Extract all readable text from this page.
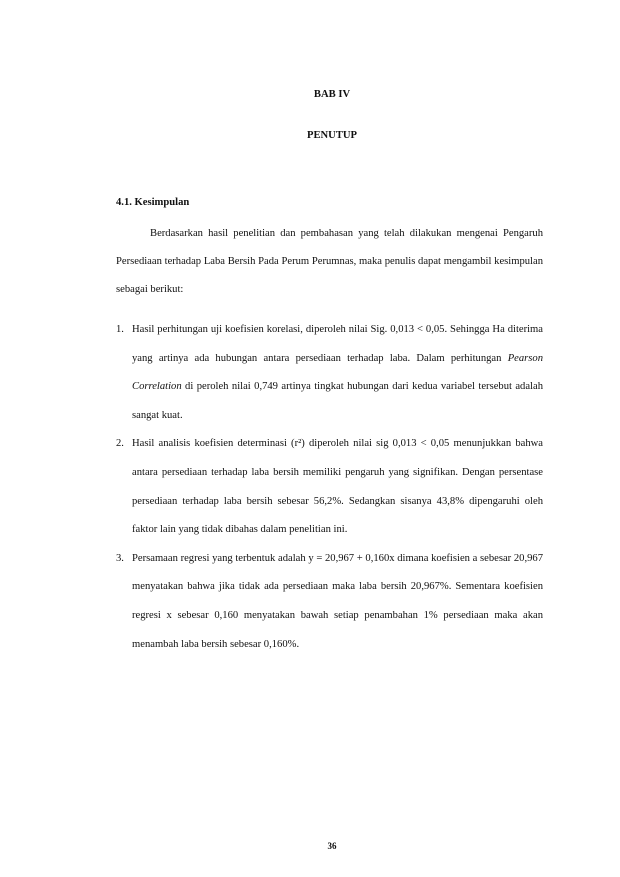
BAB IV

PENUTUP

4.1. Kesimpulan

Berdasarkan hasil penelitian dan pembahasan yang telah dilakukan mengenai Pengaruh Persediaan terhadap Laba Bersih Pada Perum Perumnas, maka penulis dapat mengambil kesimpulan sebagai berikut:

1. Hasil perhitungan uji koefisien korelasi, diperoleh nilai Sig. 0,013 < 0,05. Sehingga Ha diterima yang artinya ada hubungan antara persediaan terhadap laba. Dalam perhitungan Pearson Correlation di peroleh nilai 0,749 artinya tingkat hubungan dari kedua variabel tersebut adalah sangat kuat.
2. Hasil analisis koefisien determinasi (r²) diperoleh nilai sig 0,013 < 0,05 menunjukkan bahwa antara persediaan terhadap laba bersih memiliki pengaruh yang signifikan. Dengan persentase persediaan terhadap laba bersih sebesar 56,2%. Sedangkan sisanya 43,8% dipengaruhi oleh faktor lain yang tidak dibahas dalam penelitian ini.
3. Persamaan regresi yang terbentuk adalah y = 20,967 + 0,160x dimana koefisien a sebesar 20,967 menyatakan bahwa jika tidak ada persediaan maka laba bersih 20,967%. Sementara koefisien regresi x sebesar 0,160 menyatakan bawah setiap penambahan 1% persediaan maka akan menambah laba bersih sebesar 0,160%.

36
